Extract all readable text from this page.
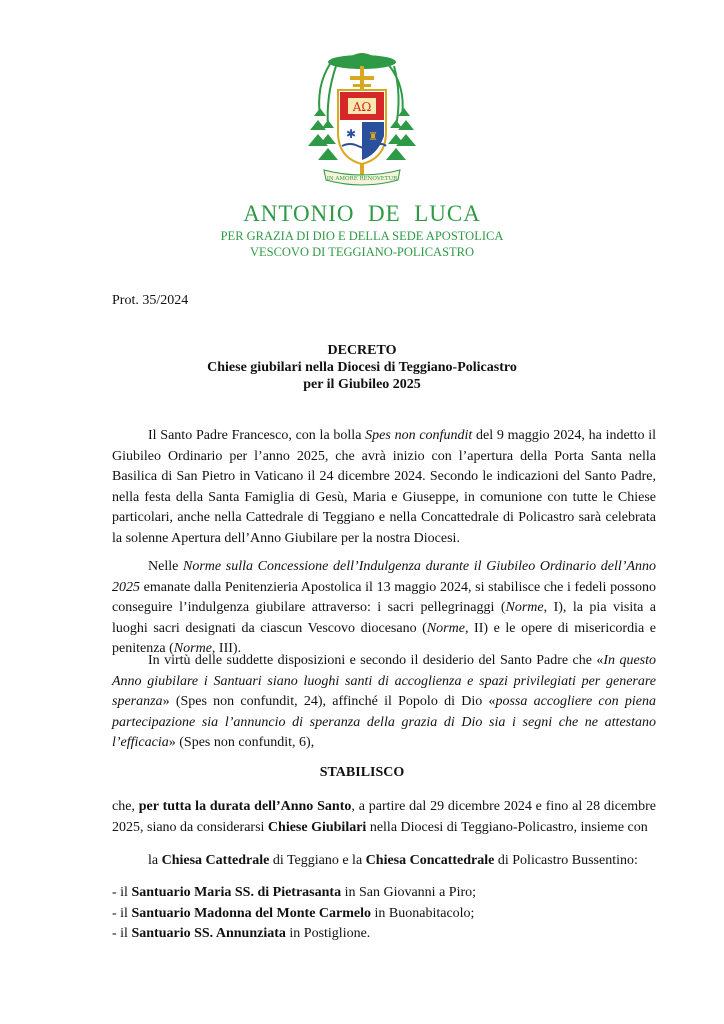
ΑΩ
✱ ♜
IN AMORE RENOVETUR
ANTONIO  DE  LUCA
PER GRAZIA DI DIO E DELLA SEDE APOSTOLICA
VESCOVO DI TEGGIANO-POLICASTRO
Prot. 35/2024
DECRETO
Chiese giubilari nella Diocesi di Teggiano-Policastro
per il Giubileo 2025
Il Santo Padre Francesco, con la bolla Spes non confundit del 9 maggio 2024, ha indetto il Giubileo Ordinario per l’anno 2025, che avrà inizio con l’apertura della Porta Santa nella Basilica di San Pietro in Vaticano il 24 dicembre 2024. Secondo le indicazioni del Santo Padre, nella festa della Santa Famiglia di Gesù, Maria e Giuseppe, in comunione con tutte le Chiese particolari, anche nella Cattedrale di Teggiano e nella Concattedrale di Policastro sarà celebrata la solenne Apertura dell’Anno Giubilare per la nostra Diocesi.
Nelle Norme sulla Concessione dell’Indulgenza durante il Giubileo Ordinario dell’Anno 2025 emanate dalla Penitenzieria Apostolica il 13 maggio 2024, si stabilisce che i fedeli possono conseguire l’indulgenza giubilare attraverso: i sacri pellegrinaggi (Norme, I), la pia visita a luoghi sacri designati da ciascun Vescovo diocesano (Norme, II) e le opere di misericordia e penitenza (Norme, III).
In virtù delle suddette disposizioni e secondo il desiderio del Santo Padre che «In questo Anno giubilare i Santuari siano luoghi santi di accoglienza e spazi privilegiati per generare speranza» (Spes non confundit, 24), affinché il Popolo di Dio «possa accogliere con piena partecipazione sia l’annuncio di speranza della grazia di Dio sia i segni che ne attestano l’efficacia» (Spes non confundit, 6),
STABILISCO
che, per tutta la durata dell’Anno Santo, a partire dal 29 dicembre 2024 e fino al 28 dicembre 2025, siano da considerarsi Chiese Giubilari nella Diocesi di Teggiano-Policastro, insieme con
la Chiesa Cattedrale di Teggiano e la Chiesa Concattedrale di Policastro Bussentino:
- il Santuario Maria SS. di Pietrasanta in San Giovanni a Piro;
- il Santuario Madonna del Monte Carmelo in Buonabitacolo;
- il Santuario SS. Annunziata in Postiglione.
